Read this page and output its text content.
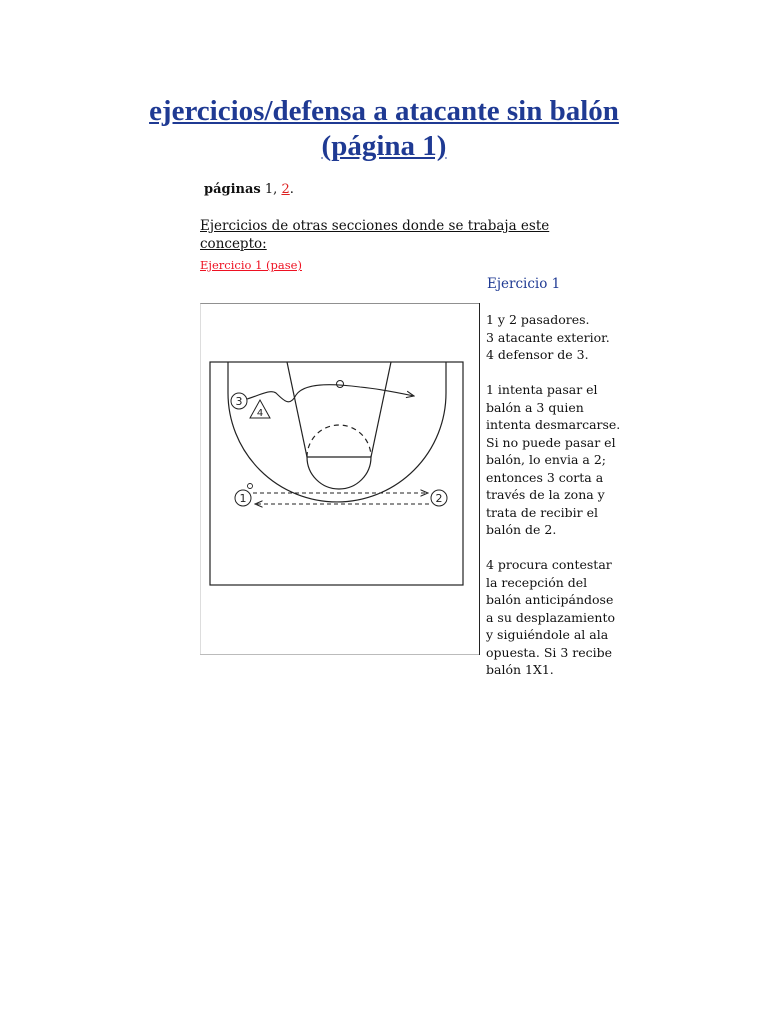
ejercicios/defensa a atacante sin balón
(página 1)
páginas 1, 2.
Ejercicios de otras secciones donde se trabaja este
concepto:
Ejercicio 1 (pase)
3
4
1	2
Ejercicio 1

1 y 2 pasadores.
3 atacante exterior.
4 defensor de 3.

1 intenta pasar el
balón a 3 quien
intenta desmarcarse.
Si no puede pasar el
balón, lo envia a 2;
entonces 3 corta a
través de la zona y
trata de recibir el
balón de 2.

4 procura contestar
la recepción del
balón anticipándose
a su desplazamiento
y siguiéndole al ala
opuesta. Si 3 recibe
balón 1X1.
